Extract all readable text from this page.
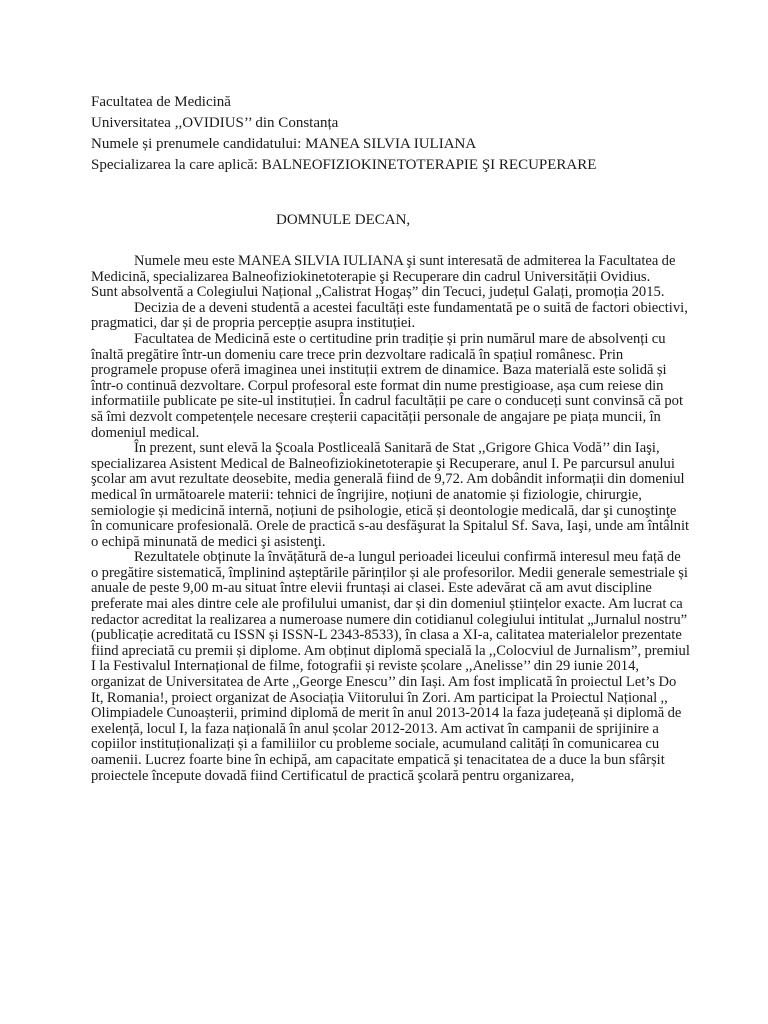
Facultatea de Medicină
Universitatea ,,OVIDIUS’’ din Constanța
Numele și prenumele candidatului: MANEA SILVIA IULIANA
Specializarea la care aplică: BALNEOFIZIOKINETOTERAPIE ŞI RECUPERARE
DOMNULE DECAN,

Numele meu este MANEA SILVIA IULIANA şi sunt interesată de admiterea la Facultatea de Medicină, specializarea Balneofiziokinetoterapie şi Recuperare din cadrul Universității Ovidius.

Sunt absolventă a Colegiului Național „Calistrat Hogaș” din Tecuci, județul Galați, promoția 2015.

Decizia de a deveni studentă a acestei facultăți este fundamentată pe o suită de factori obiectivi, pragmatici, dar și de propria percepție asupra instituției.

Facultatea de Medicină este o certitudine prin tradiție și prin numărul mare de absolvenți cu înaltă pregătire într-un domeniu care trece prin dezvoltare radicală în spațiul românesc. Prin programele propuse oferă imaginea unei instituții extrem de dinamice. Baza materială este solidă și într-o continuă dezvoltare. Corpul profesoral este format din nume prestigioase, așa cum reiese din informatiile publicate pe site-ul instituției. În cadrul facultății pe care o conduceți sunt convinsă că pot să îmi dezvolt competențele necesare creșterii capacității personale de angajare pe piața muncii, în domeniul medical.

În prezent, sunt elevă la Şcoala Postliceală Sanitară de Stat ,,Grigore Ghica Vodă’’ din Iaşi, specializarea Asistent Medical de Balneofiziokinetoterapie şi Recuperare, anul I. Pe parcursul anului şcolar am avut rezultate deosebite, media generală fiind de 9,72. Am dobândit informații din domeniul medical în următoarele materii: tehnici de îngrijire, noțiuni de anatomie și fiziologie, chirurgie, semiologie și medicină internă, noțiuni de psihologie, etică și deontologie medicală, dar şi cunoştinţe în comunicare profesională. Orele de practică s-au desfăşurat la Spitalul Sf. Sava, Iaşi, unde am întâlnit o echipă minunată de medici şi asistenţi.

Rezultatele obținute la învățătură de-a lungul perioadei liceului confirmă interesul meu față de o pregătire sistematică, împlinind așteptările părinților și ale profesorilor. Medii generale semestriale și anuale de peste 9,00 m-au situat între elevii fruntași ai clasei. Este adevărat că am avut discipline preferate mai ales dintre cele ale profilului umanist, dar și din domeniul științelor exacte. Am lucrat ca redactor acreditat la realizarea a numeroase numere din cotidianul colegiului intitulat „Jurnalul nostru” (publicație acreditată cu ISSN și ISSN-L 2343-8533), în clasa a XI-a, calitatea materialelor prezentate fiind apreciată cu premii și diplome. Am obținut diplomă specială la ,,Colocviul de Jurnalism”, premiul I la Festivalul Internațional de filme, fotografii și reviste școlare ,,Anelisse’’ din 29 iunie 2014, organizat de Universitatea de Arte ,,George Enescu’’ din Iași. Am fost implicată în proiectul Let’s Do It, Romania!, proiect organizat de Asociația Viitorului în Zori. Am participat la Proiectul Național ,, Olimpiadele Cunoașterii, primind diplomă de merit în anul 2013-2014 la faza județeană și diplomă de exelență, locul I, la faza națională în anul școlar 2012-2013. Am activat în campanii de sprijinire a copiilor instituționalizați și a familiilor cu probleme sociale, acumuland calități în comunicarea cu oamenii. Lucrez foarte bine în echipă, am capacitate empatică și tenacitatea de a duce la bun sfârșit proiectele începute dovadă fiind Certificatul de practică şcolară pentru organizarea,
